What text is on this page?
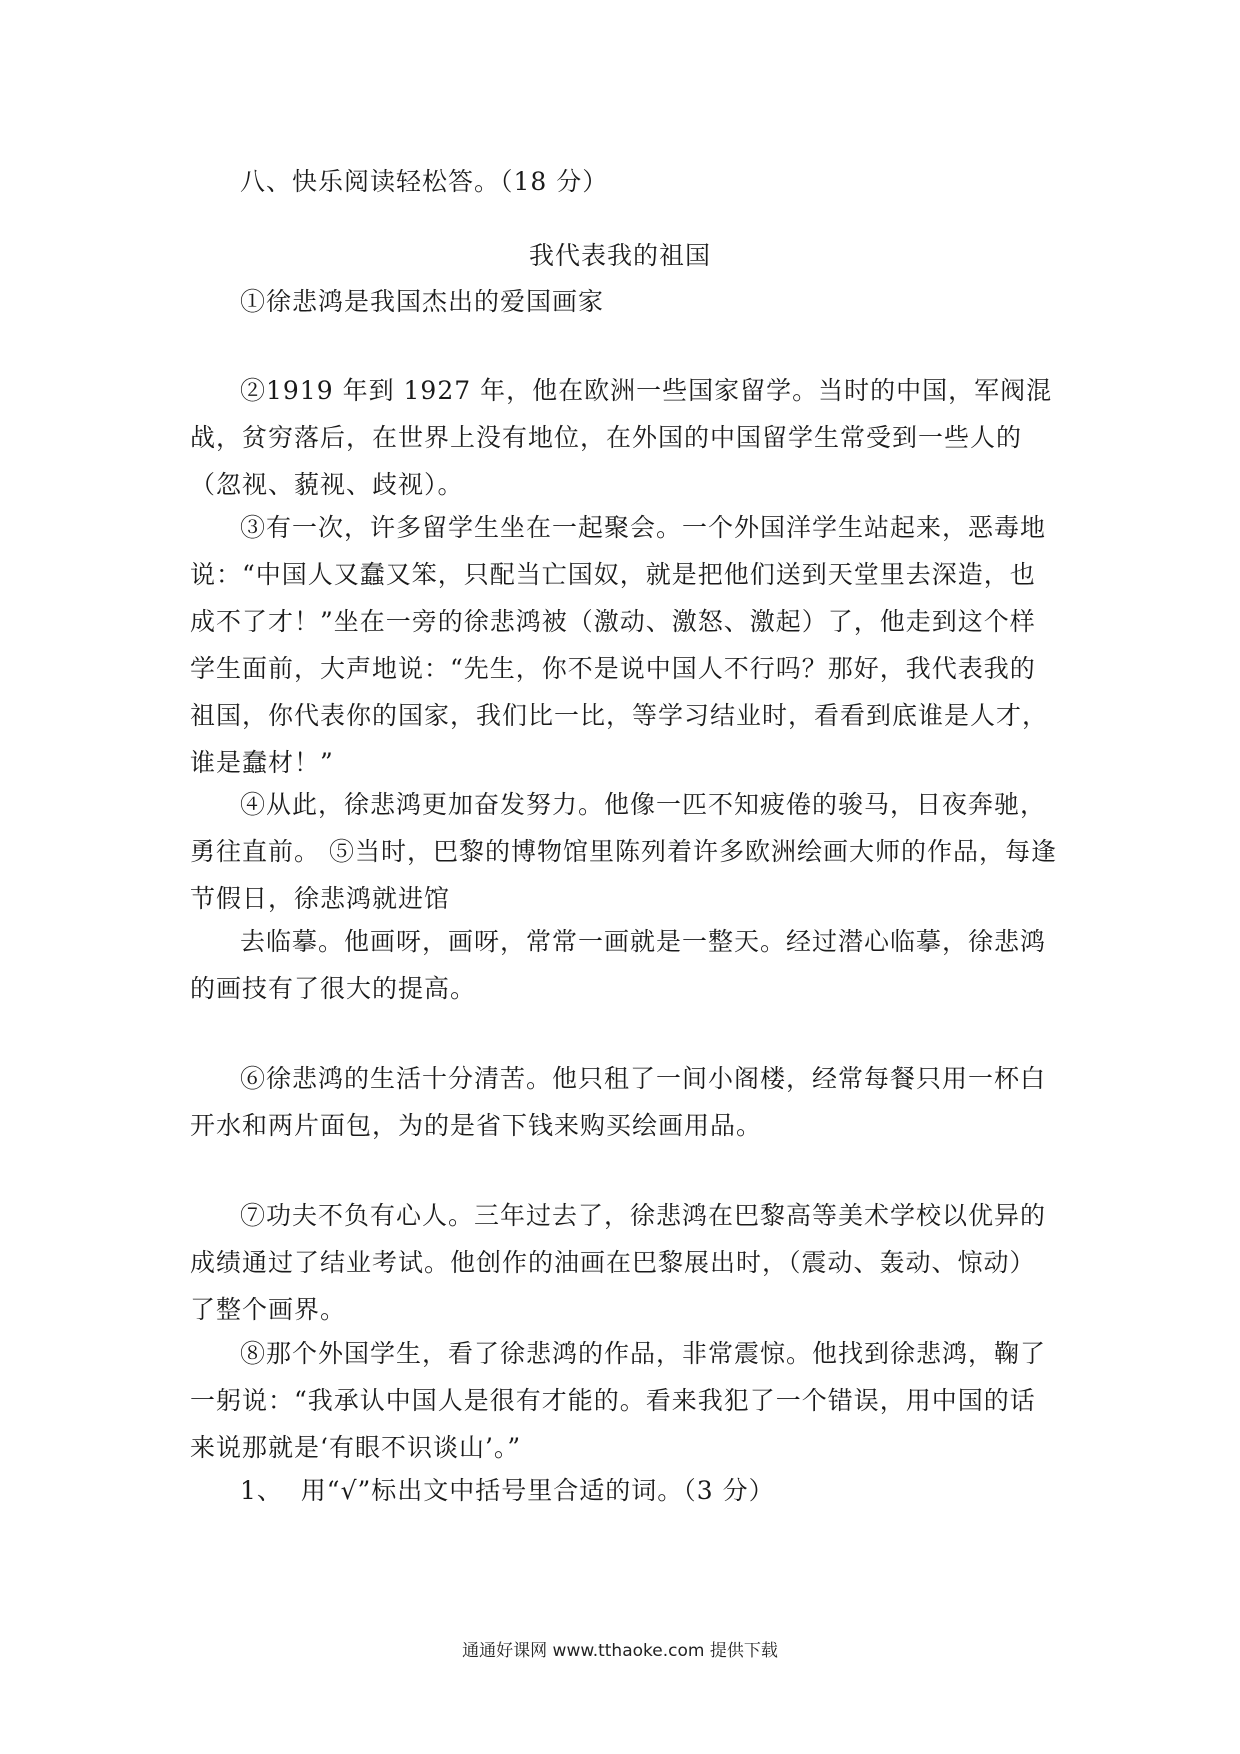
八、快乐阅读轻松答。（18 分）
我代表我的祖国
①徐悲鸿是我国杰出的爱国画家
②1919 年到 1927 年，他在欧洲一些国家留学。当时的中国，军阀混战，贫穷落后，在世界上没有地位，在外国的中国留学生常受到一些人的（忽视、藐视、歧视）。
③有一次，许多留学生坐在一起聚会。一个外国洋学生站起来，恶毒地说：“中国人又蠢又笨，只配当亡国奴，就是把他们送到天堂里去深造，也成不了才！”坐在一旁的徐悲鸿被（激动、激怒、激起）了，他走到这个样学生面前，大声地说：“先生，你不是说中国人不行吗？那好，我代表我的祖国，你代表你的国家，我们比一比，等学习结业时，看看到底谁是人才，谁是蠢材！”
④从此，徐悲鸿更加奋发努力。他像一匹不知疲倦的骏马，日夜奔驰，勇往直前。 ⑤当时，巴黎的博物馆里陈列着许多欧洲绘画大师的作品，每逢节假日，徐悲鸿就进馆
去临摹。他画呀，画呀，常常一画就是一整天。经过潜心临摹，徐悲鸿的画技有了很大的提高。
⑥徐悲鸿的生活十分清苦。他只租了一间小阁楼，经常每餐只用一杯白开水和两片面包，为的是省下钱来购买绘画用品。
⑦功夫不负有心人。三年过去了，徐悲鸿在巴黎高等美术学校以优异的成绩通过了结业考试。他创作的油画在巴黎展出时，（震动、轰动、惊动）了整个画界。
⑧那个外国学生，看了徐悲鸿的作品，非常震惊。他找到徐悲鸿，鞠了一躬说：“我承认中国人是很有才能的。看来我犯了一个错误，用中国的话来说那就是‘有眼不识谈山’。”
1、  用“√”标出文中括号里合适的词。（3 分）
通通好课网 www.tthaoke.com 提供下载
